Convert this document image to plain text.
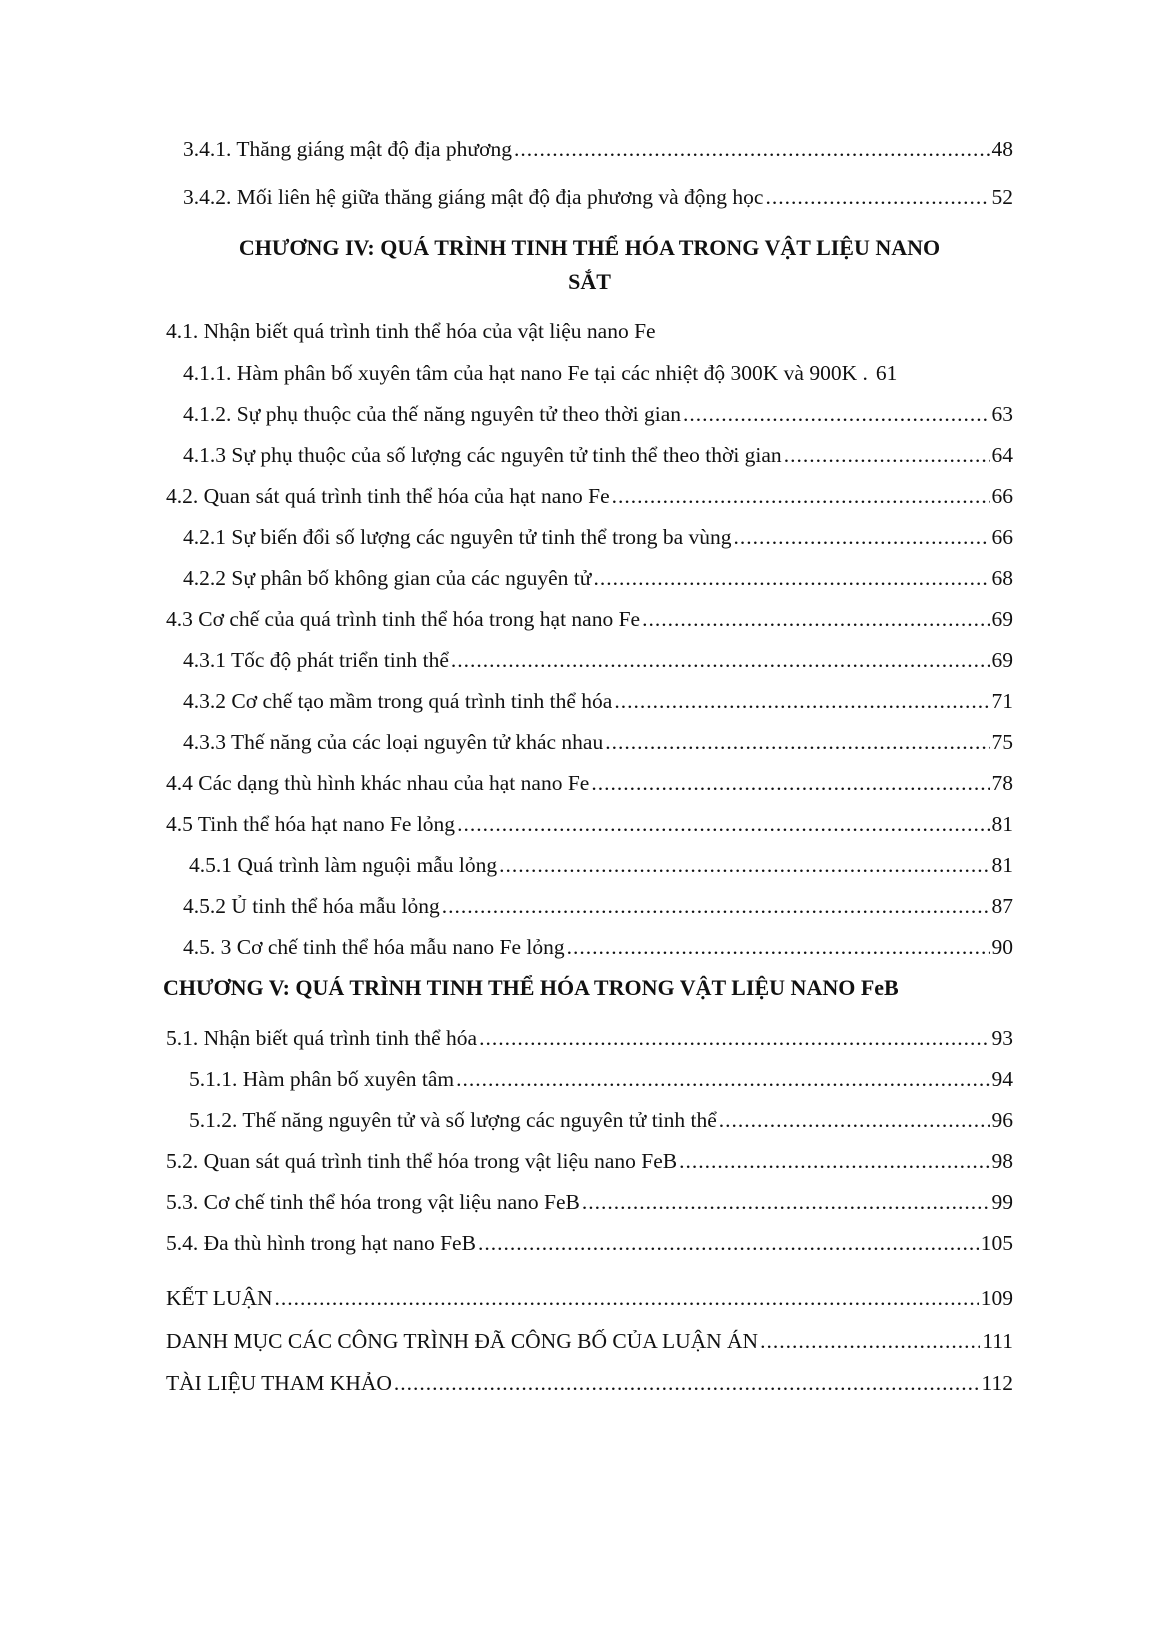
3.4.1. Thăng giáng mật độ địa phương .....	48
3.4.2. Mối liên hệ giữa thăng giáng mật độ địa phương và động học .....	52
CHƯƠNG IV: QUÁ TRÌNH TINH THỂ HÓA TRONG VẬT LIỆU NANO
SẮT
4.1. Nhận biết quá trình tinh thể hóa của vật liệu nano Fe
4.1.1. Hàm phân bố xuyên tâm của hạt nano Fe tại các nhiệt độ 300K và 900K . 61
4.1.2. Sự phụ thuộc của thế năng nguyên tử theo thời gian .....	63
4.1.3 Sự phụ thuộc của số lượng các nguyên tử tinh thể theo thời gian .....	64
4.2. Quan sát quá trình tinh thể hóa của hạt nano Fe .....	66
4.2.1 Sự biến đổi số lượng các nguyên tử tinh thể trong ba vùng .....	66
4.2.2 Sự phân bố không gian của các nguyên tử .....	68
4.3 Cơ chế của quá trình tinh thể hóa trong hạt nano Fe .....	69
4.3.1 Tốc độ phát triển tinh thể .....	69
4.3.2 Cơ chế tạo mầm trong quá trình tinh thể hóa .....	71
4.3.3 Thế năng của các loại nguyên tử khác nhau .....	75
4.4 Các dạng thù hình khác nhau của hạt nano Fe .....	78
4.5 Tinh thể hóa hạt nano Fe lỏng .....	81
4.5.1 Quá trình làm nguội mẫu lỏng .....	81
4.5.2 Ủ tinh thể hóa mẫu lỏng .....	87
4.5. 3 Cơ chế tinh thể hóa mẫu nano Fe lỏng .....	90
CHƯƠNG V: QUÁ TRÌNH TINH THỂ HÓA TRONG VẬT LIỆU NANO FeB
5.1. Nhận biết quá trình tinh thể hóa .....	93
5.1.1. Hàm phân bố xuyên tâm .....	94
5.1.2. Thế năng nguyên tử và số lượng các nguyên tử tinh thể .....	96
5.2. Quan sát quá trình tinh thể hóa trong vật liệu nano FeB .....	98
5.3. Cơ chế tinh thể hóa trong vật liệu nano FeB .....	99
5.4. Đa thù hình trong hạt nano FeB .....	105
KẾT LUẬN .....	109
DANH MỤC CÁC CÔNG TRÌNH ĐÃ CÔNG BỐ CỦA LUẬN ÁN .....	111
TÀI LIỆU THAM KHẢO .....	112
